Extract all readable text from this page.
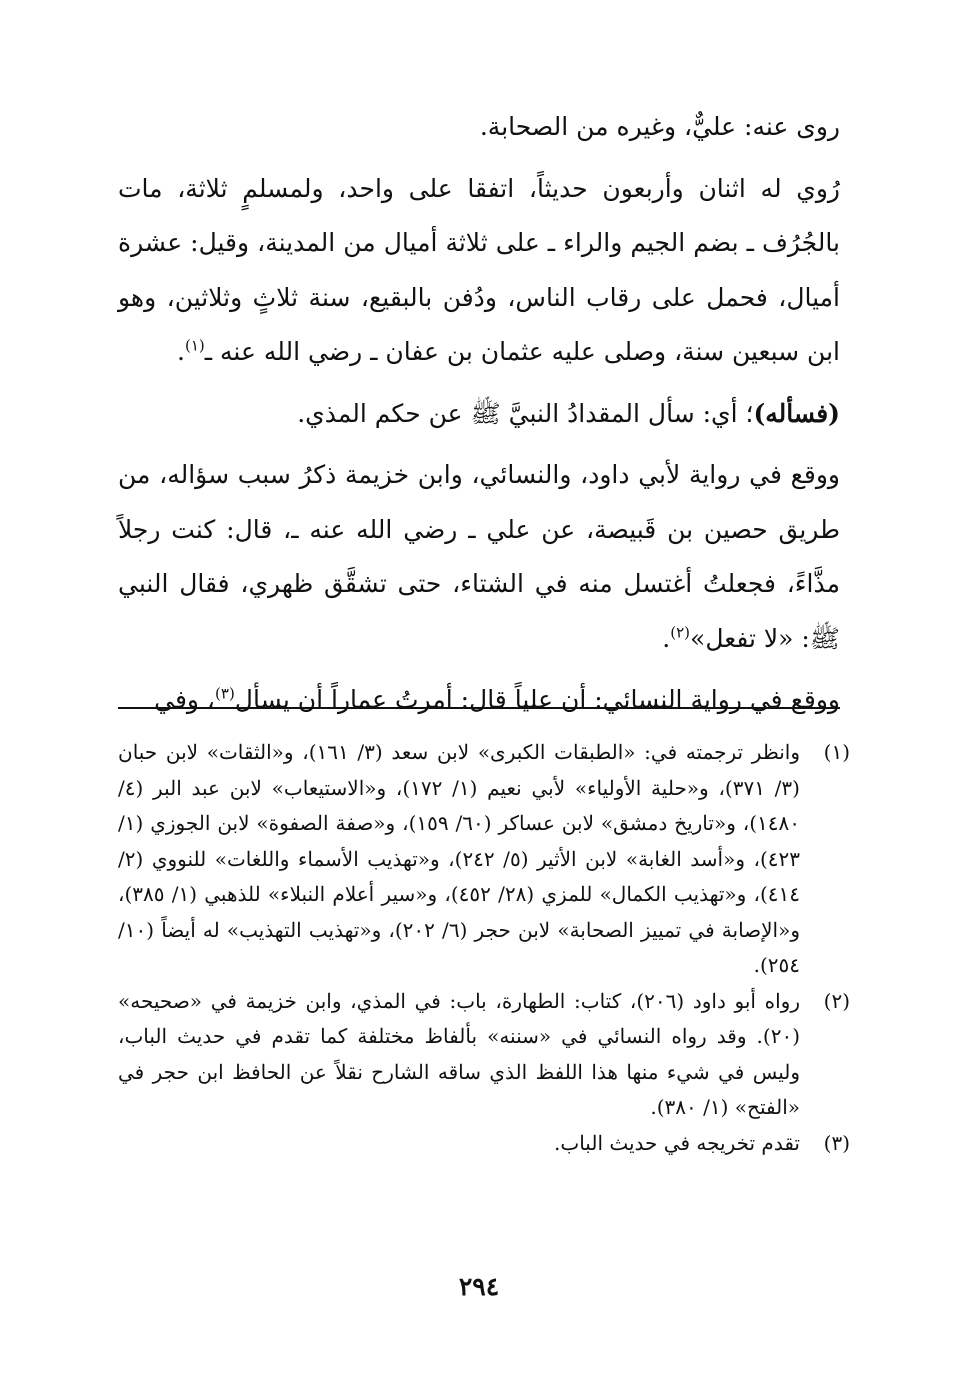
روى عنه: عليٌّ، وغيره من الصحابة.

رُوي له اثنان وأربعون حديثاً، اتفقا على واحد، ولمسلمٍ ثلاثة، مات بالجُرُف ـ بضم الجيم والراء ـ على ثلاثة أميال من المدينة، وقيل: عشرة أميال، فحمل على رقاب الناس، ودُفن بالبقيع، سنة ثلاثٍ وثلاثين، وهو ابن سبعين سنة، وصلى عليه عثمان بن عفان ـ رضي الله عنه ـ$^{(١)}$.

(فسأله)؛ أي: سأل المقدادُ النبيَّ ﷺ عن حكم المذي.

ووقع في رواية لأبي داود، والنسائي، وابن خزيمة ذكرُ سبب سؤاله، من طريق حصين بن قَبيصة، عن علي ـ رضي الله عنه ـ، قال: كنت رجلاً مذَّاءً، فجعلتُ أغتسل منه في الشتاء، حتى تشقَّق ظهري، فقال النبي ﷺ: «لا تفعل»$^{(٢)}$.

ووقع في رواية النسائي: أن علياً قال: أمرتُ عماراً أن يسأل$^{(٣)}$، وفي

(١)
وانظر ترجمته في: «الطبقات الكبرى» لابن سعد (٣/ ١٦١)، و«الثقات» لابن حبان (٣/ ٣٧١)، و«حلية الأولياء» لأبي نعيم (١/ ١٧٢)، و«الاستيعاب» لابن عبد البر (٤/ ١٤٨٠)، و«تاريخ دمشق» لابن عساكر (٦٠/ ١٥٩)، و«صفة الصفوة» لابن الجوزي (١/ ٤٢٣)، و«أسد الغابة» لابن الأثير (٥/ ٢٤٢)، و«تهذيب الأسماء واللغات» للنووي (٢/ ٤١٤)، و«تهذيب الكمال» للمزي (٢٨/ ٤٥٢)، و«سير أعلام النبلاء» للذهبي (١/ ٣٨٥)، و«الإصابة في تمييز الصحابة» لابن حجر (٦/ ٢٠٢)، و«تهذيب التهذيب» له أيضاً (١٠/ ٢٥٤).
(٢)
رواه أبو داود (٢٠٦)، كتاب: الطهارة، باب: في المذي، وابن خزيمة في «صحيحه» (٢٠). وقد رواه النسائي في «سننه» بألفاظ مختلفة كما تقدم في حديث الباب، وليس في شيء منها هذا اللفظ الذي ساقه الشارح نقلاً عن الحافظ ابن حجر في «الفتح» (١/ ٣٨٠).
(٣)
تقدم تخريجه في حديث الباب.
٢٩٤
